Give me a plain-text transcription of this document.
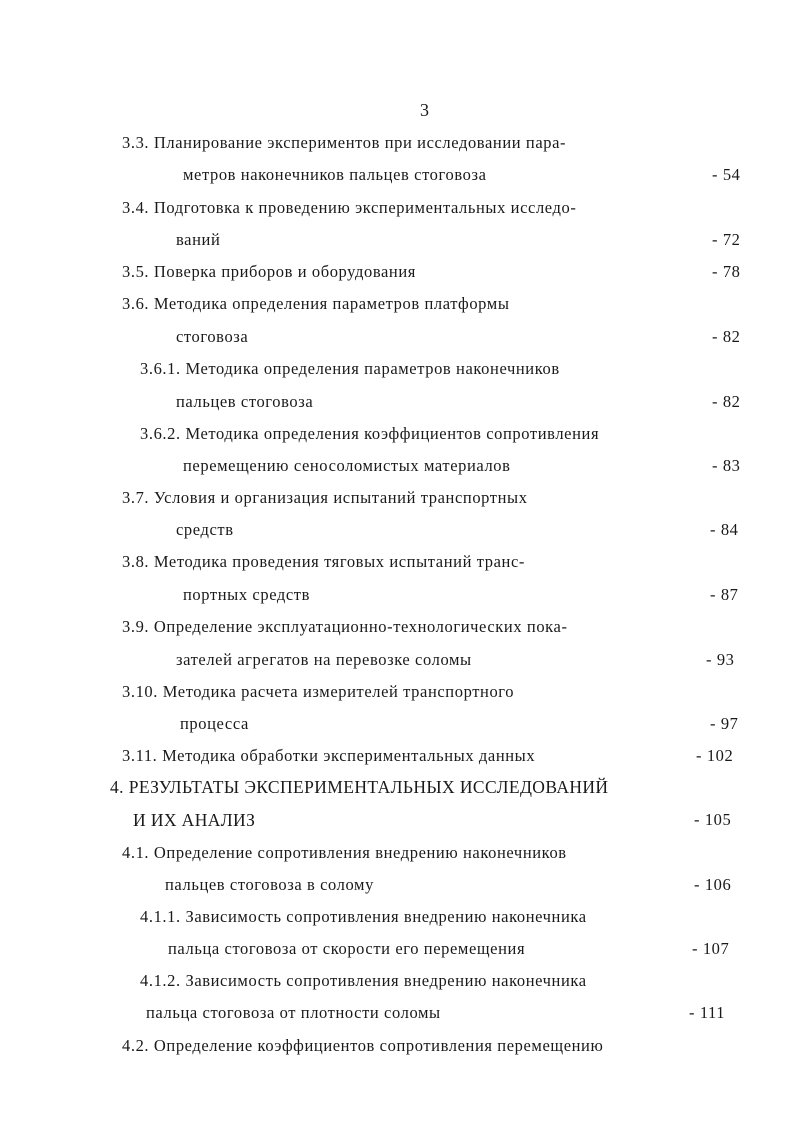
3
3.3. Планирование экспериментов при исследовании пара-
метров наконечников пальцев стоговоза	- 54
3.4. Подготовка к проведению экспериментальных исследо-
ваний	- 72
3.5. Поверка приборов и оборудования	- 78
3.6. Методика определения параметров платформы
стоговоза	- 82
3.6.1. Методика определения параметров наконечников
пальцев стоговоза	- 82
3.6.2. Методика определения коэффициентов сопротивления
перемещению сеносоломистых материалов	- 83
3.7. Условия и организация испытаний транспортных
средств	- 84
3.8. Методика проведения тяговых испытаний транс-
портных средств	- 87
3.9. Определение эксплуатационно-технологических пока-
зателей агрегатов на перевозке соломы	- 93
3.10. Методика расчета измерителей транспортного
процесса	- 97
3.11. Методика обработки экспериментальных данных	- 102
4. РЕЗУЛЬТАТЫ ЭКСПЕРИМЕНТАЛЬНЫХ ИССЛЕДОВАНИЙ
И ИХ АНАЛИЗ	- 105
4.1. Определение сопротивления внедрению наконечников
пальцев стоговоза в солому	- 106
4.1.1. Зависимость сопротивления внедрению наконечника
пальца стоговоза от скорости его перемещения	- 107
4.1.2. Зависимость сопротивления внедрению наконечника
пальца стоговоза от плотности соломы	- 111
4.2. Определение коэффициентов сопротивления перемещению
